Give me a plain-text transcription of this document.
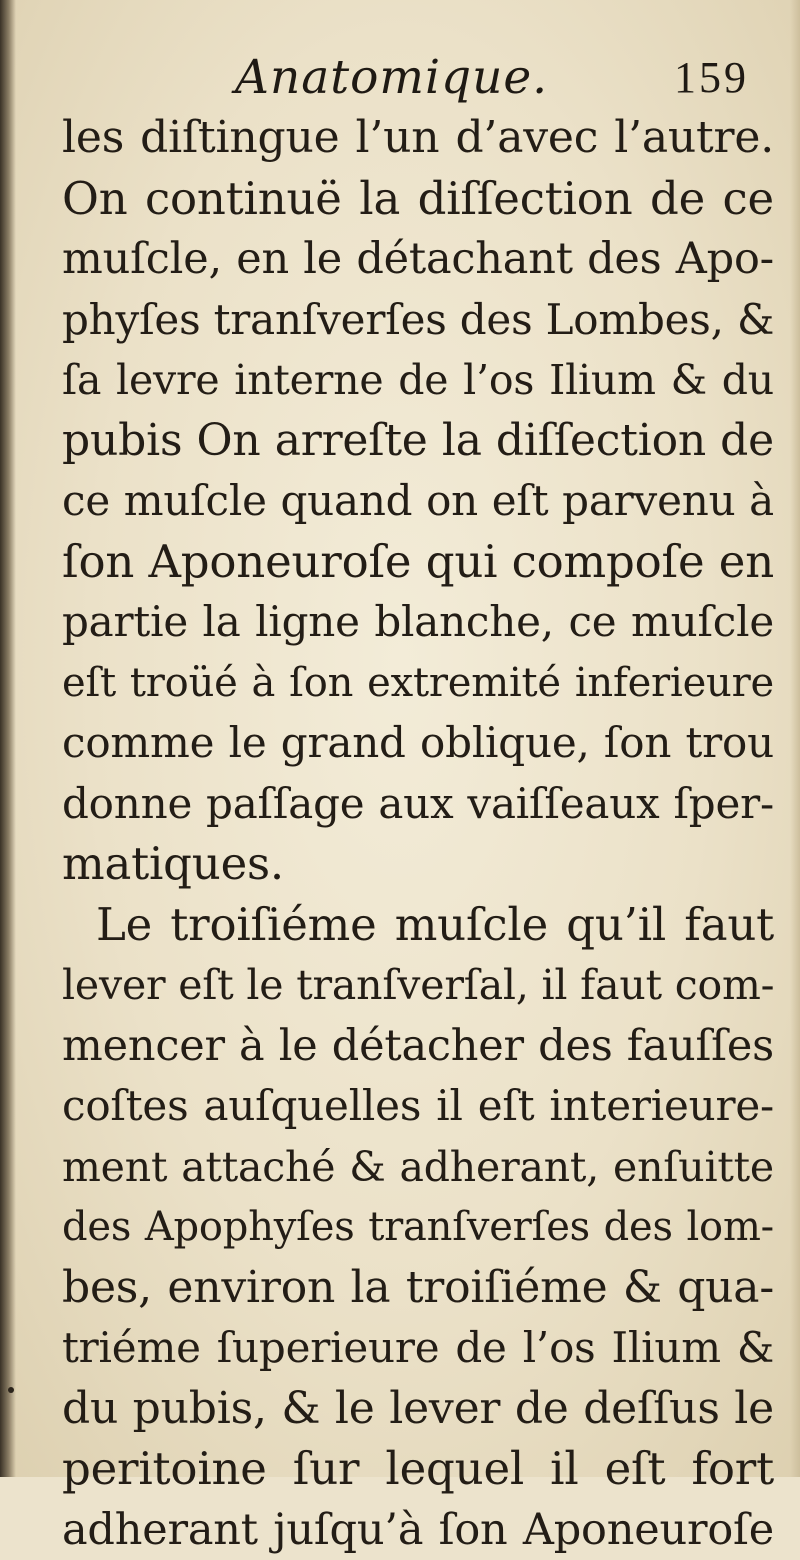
Anatomique.	159
les diſtingue l’un d’avec l’autre.
On continuë la diſſection de ce
muſcle, en le détachant des Apo-
phyſes tranſverſes des Lombes, &
ſa levre interne de l’os Ilium & du
pubis On arreſte la diſſection de
ce muſcle quand on eſt parvenu à
ſon Aponeuroſe qui compoſe en
partie la ligne blanche, ce muſcle
eſt troüé à ſon extremité inferieure
comme le grand oblique, ſon trou
donne paſſage aux vaiſſeaux ſper-
matiques.
Le troiſiéme muſcle qu’il faut
lever eſt le tranſverſal, il faut com-
mencer à le détacher des fauſſes
coſtes auſquelles il eſt interieure-
ment attaché & adherant, enſuitte
des Apophyſes tranſverſes des lom-
bes, environ la troiſiéme & qua-
triéme ſuperieure de l’os Ilium &
du pubis, & le lever de deſſus le
peritoine ſur lequel il eſt fort
adherant juſqu’à ſon Aponeuroſe
